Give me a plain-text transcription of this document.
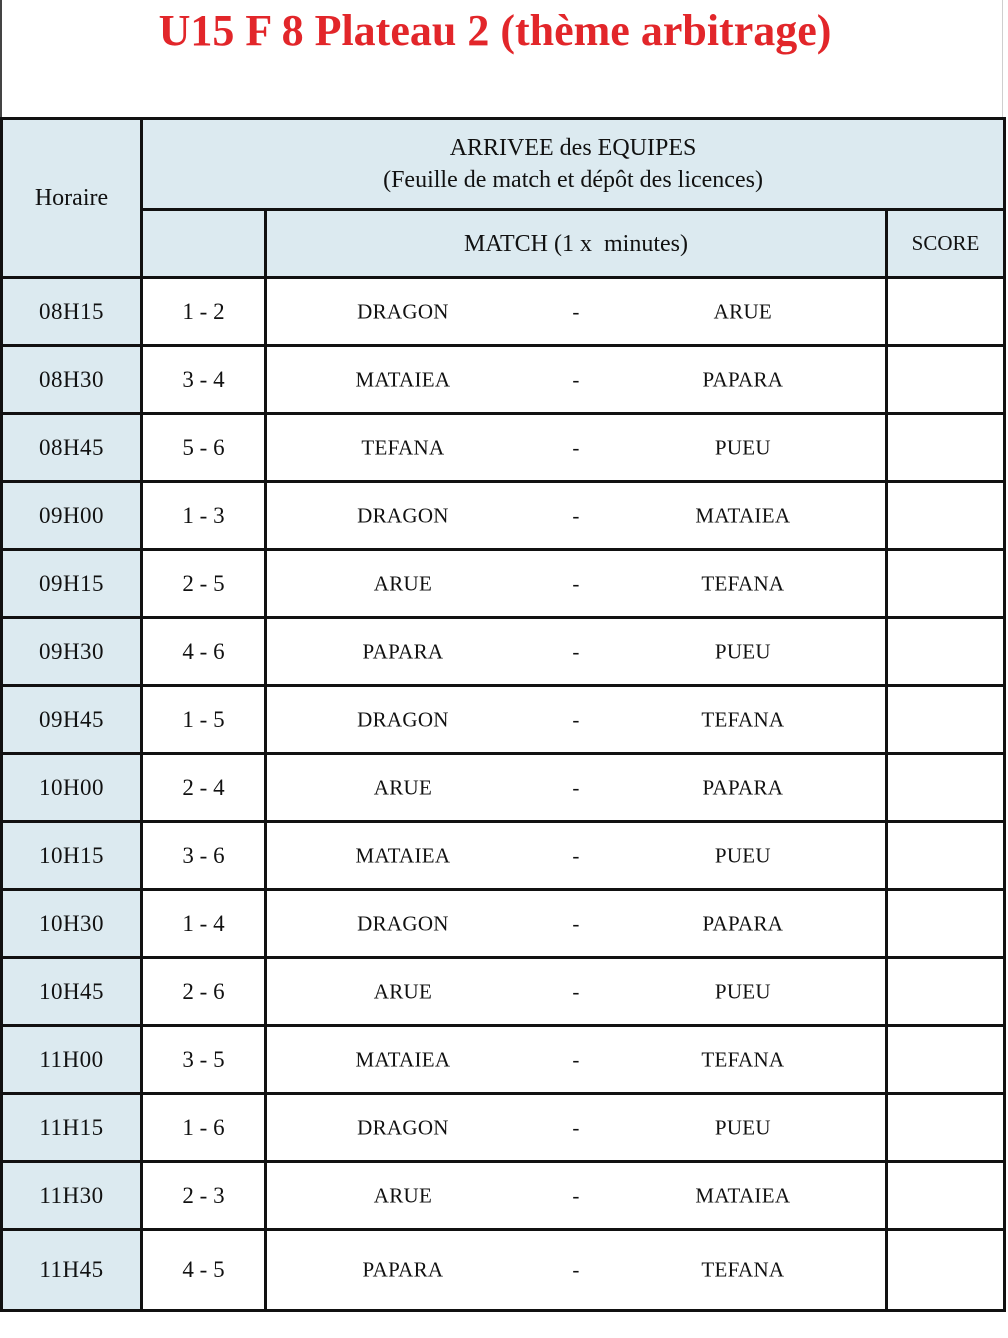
U15 F 8 Plateau 2 (thème arbitrage)
Horaire	ARRIVEE des EQUIPES
(Feuille de match et dépôt des licences)		

		MATCH (1 x  minutes)	SCORE
08H15	1 - 2	DRAGON - ARUE	

08H30	3 - 4	MATAIEA - PAPARA	

08H45	5 - 6	TEFANA - PUEU	

09H00	1 - 3	DRAGON - MATAIEA	

09H15	2 - 5	ARUE - TEFANA	

09H30	4 - 6	PAPARA - PUEU	

09H45	1 - 5	DRAGON - TEFANA	

10H00	2 - 4	ARUE - PAPARA	

10H15	3 - 6	MATAIEA - PUEU	

10H30	1 - 4	DRAGON - PAPARA	

10H45	2 - 6	ARUE - PUEU	

11H00	3 - 5	MATAIEA - TEFANA	

11H15	1 - 6	DRAGON - PUEU	

11H30	2 - 3	ARUE - MATAIEA	

11H45	4 - 5	PAPARA - TEFANA	
